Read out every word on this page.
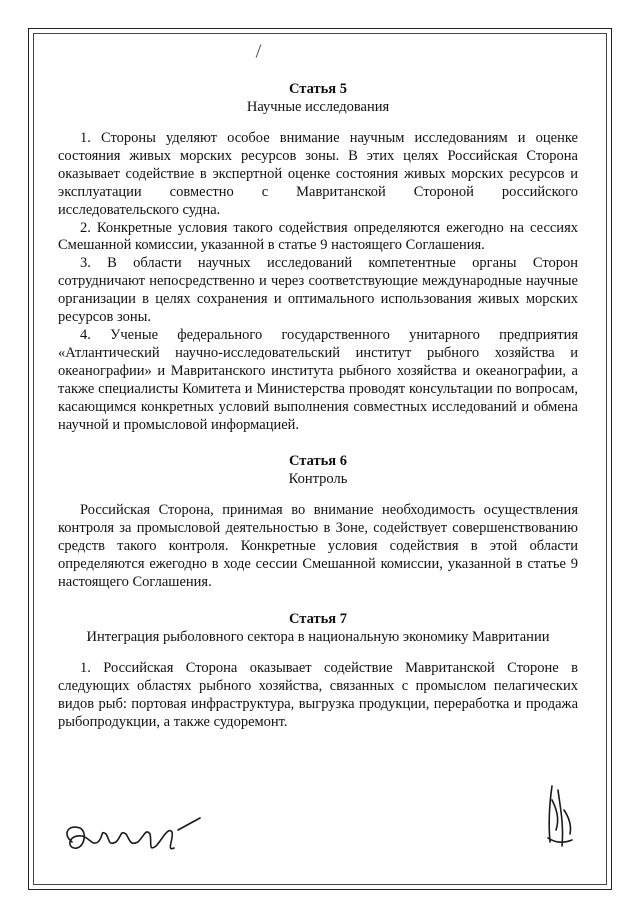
Статья 5

Научные исследования

1. Стороны уделяют особое внимание научным исследованиям и оценке состояния живых морских ресурсов зоны. В этих целях Российская Сторона оказывает содействие в экспертной оценке состояния живых морских ресурсов и эксплуатации совместно с Мавританской Стороной российского исследовательского судна.

2. Конкретные условия такого содействия определяются ежегодно на сессиях Смешанной комиссии, указанной в статье 9 настоящего Соглашения.

3. В области научных исследований компетентные органы Сторон сотрудничают непосредственно и через соответствующие международные научные организации в целях сохранения и оптимального использования живых морских ресурсов зоны.

4. Ученые федерального государственного унитарного предприятия «Атлантический научно-исследовательский институт рыбного хозяйства и океанографии» и Мавританского института рыбного хозяйства и океанографии, а также специалисты Комитета и Министерства проводят консультации по вопросам, касающимся конкретных условий выполнения совместных исследований и обмена научной и промысловой информацией.

Статья 6

Контроль

Российская Сторона, принимая во внимание необходимость осуществления контроля за промысловой деятельностью в Зоне, содействует совершенствованию средств такого контроля. Конкретные условия содействия в этой области определяются ежегодно в ходе сессии Смешанной комиссии, указанной в статье 9 настоящего Соглашения.

Статья 7

Интеграция рыболовного сектора в национальную экономику Мавритании

1. Российская Сторона оказывает содействие Мавританской Стороне в следующих областях рыбного хозяйства, связанных с промыслом пелагических видов рыб: портовая инфраструктура, выгрузка продукции, переработка и продажа рыбопродукции, а также судоремонт.
